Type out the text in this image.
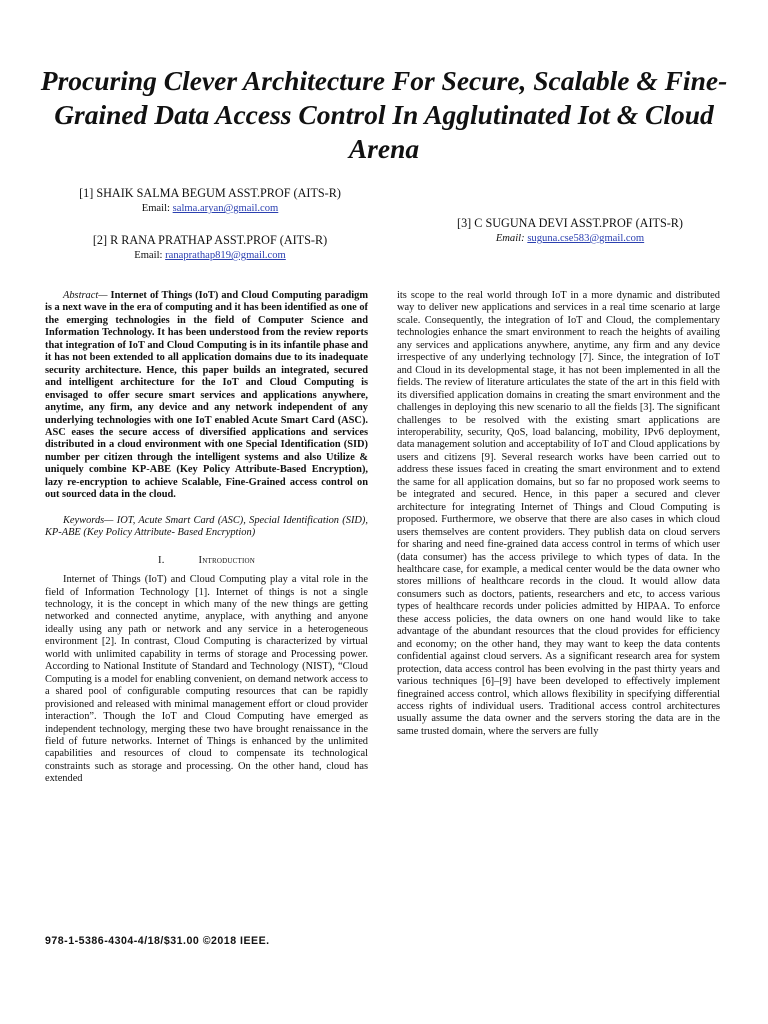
Procuring Clever Architecture For Secure, Scalable & Fine-Grained Data Access Control In Agglutinated Iot & Cloud Arena
[1] SHAIK SALMA BEGUM ASST.PROF (AITS-R)
Email: salma.aryan@gmail.com
[2] R RANA PRATHAP ASST.PROF (AITS-R)
Email: ranaprathap819@gmail.com
[3] C SUGUNA DEVI ASST.PROF (AITS-R)
Email: suguna.cse583@gmail.com

Abstract— Internet of Things (IoT) and Cloud Computing paradigm is a next wave in the era of computing and it has been identified as one of the emerging technologies in the field of Computer Science and Information Technology. It has been understood from the review reports that integration of IoT and Cloud Computing is in its infantile phase and it has not been extended to all application domains due to its inadequate security architecture. Hence, this paper builds an integrated, secured and intelligent architecture for the IoT and Cloud Computing is envisaged to offer secure smart services and applications anywhere, anytime, any firm, any device and any network independent of any underlying technologies with one IoT enabled Acute Smart Card (ASC). ASC eases the secure access of diversified applications and services distributed in a cloud environment with one Special Identification (SID) number per citizen through the intelligent systems and also Utilize & uniquely combine KP-ABE (Key Policy Attribute-Based Encryption), lazy re-encryption to achieve Scalable, Fine-Grained access control on out sourced data in the cloud.

Keywords— IOT, Acute Smart Card (ASC), Special Identification (SID), KP-ABE (Key Policy Attribute- Based Encryption)

I.	Introduction

Internet of Things (IoT) and Cloud Computing play a vital role in the field of Information Technology [1]. Internet of things is not a single technology, it is the concept in which many of the new things are getting networked and connected anytime, anyplace, with anything and anyone ideally using any path or network and any service in a heterogeneous environment [2]. In contrast, Cloud Computing is characterized by virtual world with unlimited capability in terms of storage and Processing power. According to National Institute of Standard and Technology (NIST), “Cloud Computing is a model for enabling convenient, on demand network access to a shared pool of configurable computing resources that can be rapidly provisioned and released with minimal management effort or cloud provider interaction”. Though the IoT and Cloud Computing have emerged as independent technology, merging these two have brought renaissance in the field of future networks. Internet of Things is enhanced by the unlimited capabilities and resources of cloud to compensate its technological constraints such as storage and processing. On the other hand, cloud has extended

its scope to the real world through IoT in a more dynamic and distributed way to deliver new applications and services in a real time scenario at large scale. Consequently, the integration of IoT and Cloud, the complementary technologies enhance the smart environment to reach the heights of availing any services and applications anywhere, anytime, any firm and any device irrespective of any underlying technology [7]. Since, the integration of IoT and Cloud in its developmental stage, it has not been implemented in all the fields. The review of literature articulates the state of the art in this field with its diversified application domains in creating the smart environment and the challenges in deploying this new scenario to all the fields [3]. The significant challenges to be resolved with the existing smart applications are interoperability, security, QoS, load balancing, mobility, IPv6 deployment, data management solution and acceptability of IoT and Cloud applications by users and citizens [9]. Several research works have been carried out to address these issues faced in creating the smart environment and to extend the same for all application domains, but so far no proposed work seems to be integrated and secured. Hence, in this paper a secured and clever architecture for integrating Internet of Things and Cloud Computing is proposed. Furthermore, we observe that there are also cases in which cloud users themselves are content providers. They publish data on cloud servers for sharing and need fine-grained data access control in terms of which user (data consumer) has the access privilege to which types of data. In the healthcare case, for example, a medical center would be the data owner who stores millions of healthcare records in the cloud. It would allow data consumers such as doctors, patients, researchers and etc, to access various types of healthcare records under policies admitted by HIPAA. To enforce these access policies, the data owners on one hand would like to take advantage of the abundant resources that the cloud provides for efficiency and economy; on the other hand, they may want to keep the data contents confidential against cloud servers. As a significant research area for system protection, data access control has been evolving in the past thirty years and various techniques [6]–[9] have been developed to effectively implement finegrained access control, which allows flexibility in specifying differential access rights of individual users. Traditional access control architectures usually assume the data owner and the servers storing the data are in the same trusted domain, where the servers are fully

978-1-5386-4304-4/18/$31.00 ©2018 IEEE.
